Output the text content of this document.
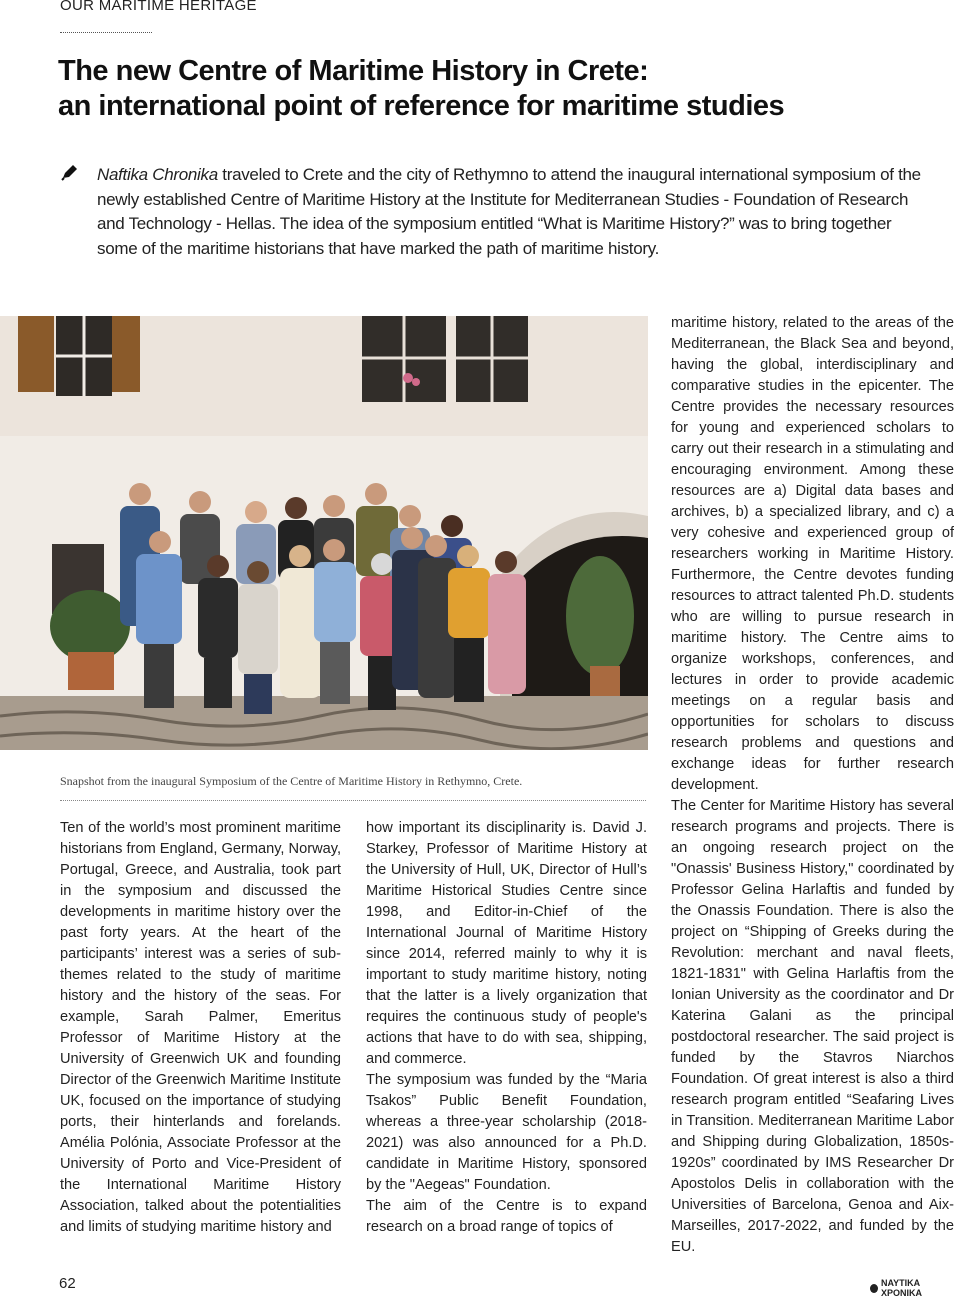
OUR MARITIME HERITAGE
The new Centre of Maritime History in Crete:
an international point of reference for maritime studies
Naftika Chronika traveled to Crete and the city of Rethymno to attend the inaugural international symposium of the newly established Centre of Maritime History at the Institute for Mediterranean Studies - Foundation of Research and Technology - Hellas. The idea of the symposium entitled “What is Maritime History?” was to bring together some of the maritime historians that have marked the path of maritime history.
Snapshot from the inaugural Symposium of the Centre of Maritime History in Rethymno, Crete.

Ten of the world’s most prominent maritime historians from England, Germany, Norway, Portugal, Greece, and Australia, took part in the symposium and discussed the developments in maritime history over the past forty years. At the heart of the participants’ interest was a series of sub-themes related to the study of maritime history and the history of the seas. For example, Sarah Palmer, Emeritus Professor of Maritime History at the University of Greenwich UK and founding Director of the Greenwich Maritime Institute UK, focused on the importance of studying ports, their hinterlands and forelands. Amélia Polónia, Associate Professor at the University of Porto and Vice-President of the International Maritime History Association, talked about the potentialities and limits of studying maritime history and

how important its disciplinarity is. David J. Starkey, Professor of Maritime History at the University of Hull, UK, Director of Hull’s Maritime Historical Studies Centre since 1998, and Editor-in-Chief of the International Journal of Maritime History since 2014, referred mainly to why it is important to study maritime history, noting that the latter is a lively organization that requires the continuous study of people's actions that have to do with sea, shipping, and commerce.

The symposium was funded by the “Maria Tsakos” Public Benefit Foundation, whereas a three-year scholarship (2018-2021) was also announced for a Ph.D. candidate in Maritime History, sponsored by the "Aegeas" Foundation.

The aim of the Centre is to expand research on a broad range of topics of

maritime history, related to the areas of the Mediterranean, the Black Sea and beyond, having the global, interdisciplinary and comparative studies in the epicenter. The Centre provides the necessary resources for young and experienced scholars to carry out their research in a stimulating and encouraging environment. Among these resources are a) Digital data bases and archives, b) a specialized library, and c) a very cohesive and experienced group of researchers working in Maritime History. Furthermore, the Centre devotes funding resources to attract talented Ph.D. students who are willing to pursue research in maritime history. The Centre aims to organize workshops, conferences, and lectures in order to provide academic meetings on a regular basis and opportunities for scholars to discuss research problems and questions and exchange ideas for further research development.

The Center for Maritime History has several research programs and projects. There is an ongoing research project on the "Onassis' Business History," coordinated by Professor Gelina Harlaftis and funded by the Onassis Foundation. There is also the project on “Shipping of Greeks during the Revolution: merchant and naval fleets, 1821-1831" with Gelina Harlaftis from the Ionian University as the coordinator and Dr Katerina Galani as the principal postdoctoral researcher. The said project is funded by the Stavros Niarchos Foundation. Of great interest is also a third research program entitled “Seafaring Lives in Transition. Mediterranean Maritime Labor and Shipping during Globalization, 1850s-1920s” coordinated by IMS Researcher Dr Apostolos Delis in collaboration with the Universities of Barcelona, Genoa and Aix-Marseilles, 2017-2022, and funded by the EU.

62	ΝΑΥΤΙΚΑ ΧΡΟΝΙΚΑ
